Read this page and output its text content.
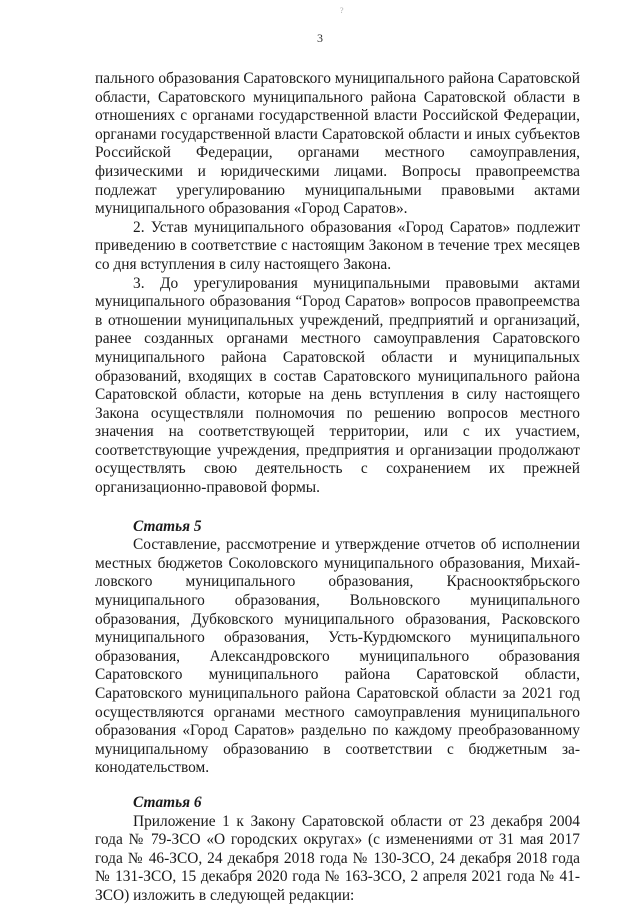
?
3

пального образования Саратовского муниципального района Саратовской области, Саратовского муниципального района Саратовской области в отношениях с органами государственной власти Российской Федерации, органами государственной власти Саратовской области и иных субъектов Российской Федерации, органами местного самоуправления, физическими и юридическими лицами. Вопросы правопреемства подлежат урегулированию муниципальными правовыми актами муниципального образования «Город Саратов».

2. Устав муниципального образования «Город Саратов» подлежит приведению в соответствие с настоящим Законом в течение трех месяцев со дня вступления в силу настоящего Закона.

3. До урегулирования муниципальными правовыми актами муниципального образования “Город Саратов» вопросов правопреемства в отношении муниципальных учреждений, предприятий и организаций, ранее созданных органами местного самоуправления Саратовского муниципального района Саратовской области и муниципальных образований, входящих в состав Саратовского муниципального района Саратовской области, которые на день вступления в силу настоящего Закона осуществляли полномочия по решению вопросов местного значения на соответствующей территории, или с их участием, соответствующие учреждения, предприятия и организации продолжают осуществлять свою деятельность с сохранением их прежней организационно-правовой формы.

Статья 5

Составление, рассмотрение и утверждение отчетов об исполнении местных бюджетов Соколовского муниципального образования, Михайловского муниципального образования, Краснооктябрьского муниципального образования, Вольновского муниципального образования, Дубковского муниципального образования, Расковского муниципального образования, Усть-Курдюмского муниципального образования, Александровского муниципального образования Саратовского муниципального района Саратовской области, Саратовского муниципального района Саратовской области за 2021 год осуществляются органами местного самоуправления муниципального образования «Город Саратов» раздельно по каждому преобразованному муниципальному образованию в соответствии с бюджетным законодательством.

Статья 6

Приложение 1 к Закону Саратовской области от 23 декабря 2004 года № 79-ЗСО «О городских округах» (с изменениями от 31 мая 2017 года № 46-ЗСО, 24 декабря 2018 года № 130-ЗСО, 24 декабря 2018 года № 131-ЗСО, 15 декабря 2020 года № 163-ЗСО, 2 апреля 2021 года № 41-ЗСО) изложить в следующей редакции:
